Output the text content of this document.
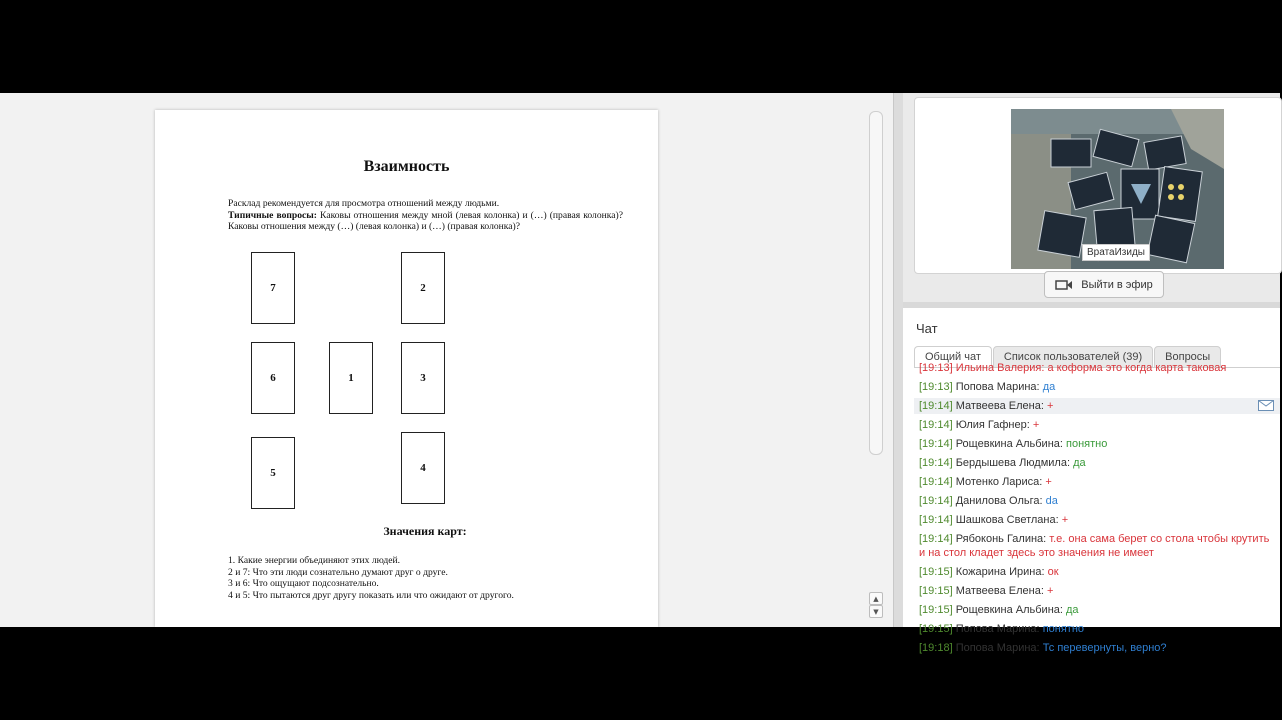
Взаимность
Расклад рекомендуется для просмотра отношений между людьми.
Типичные вопросы: Каковы отношения между мной (левая колонка) и (…) (правая колонка)? Каковы отношения между (…) (левая колонка) и (…) (правая колонка)?
7	2
6	1	3
5	4
Значения карт:
1. Какие энергии объединяют этих людей.
2 и 7: Что эти люди сознательно думают друг о друге.
3 и 6: Что ощущают подсознательно.
4 и 5: Что пытаются друг другу показать или что ожидают от другого.	▲
▼
ВратаИзиды
Выйти в эфир
Чат
Общий чат	Список пользователей (39)	Вопросы
[19:13] Ильина Валерия: а коформа это когда карта таковая
[19:13] Попова Марина: да
[19:14] Матвеева Елена: +
[19:14] Юлия Гафнер: +
[19:14] Рощевкина Альбина: понятно
[19:14] Бердышева Людмила: да
[19:14] Мотенко Лариса: +
[19:14] Данилова Ольга: da
[19:14] Шашкова Светлана: +
[19:14] Рябоконь Галина: т.е. она сама берет со стола чтобы крутить и на стол кладет здесь это значения не имеет
[19:15] Кожарина Ирина: ок
[19:15] Матвеева Елена: +
[19:15] Рощевкина Альбина: да
[19:15] Попова Марина: понятно
[19:18] Попова Марина: Тс перевернуты, верно?
